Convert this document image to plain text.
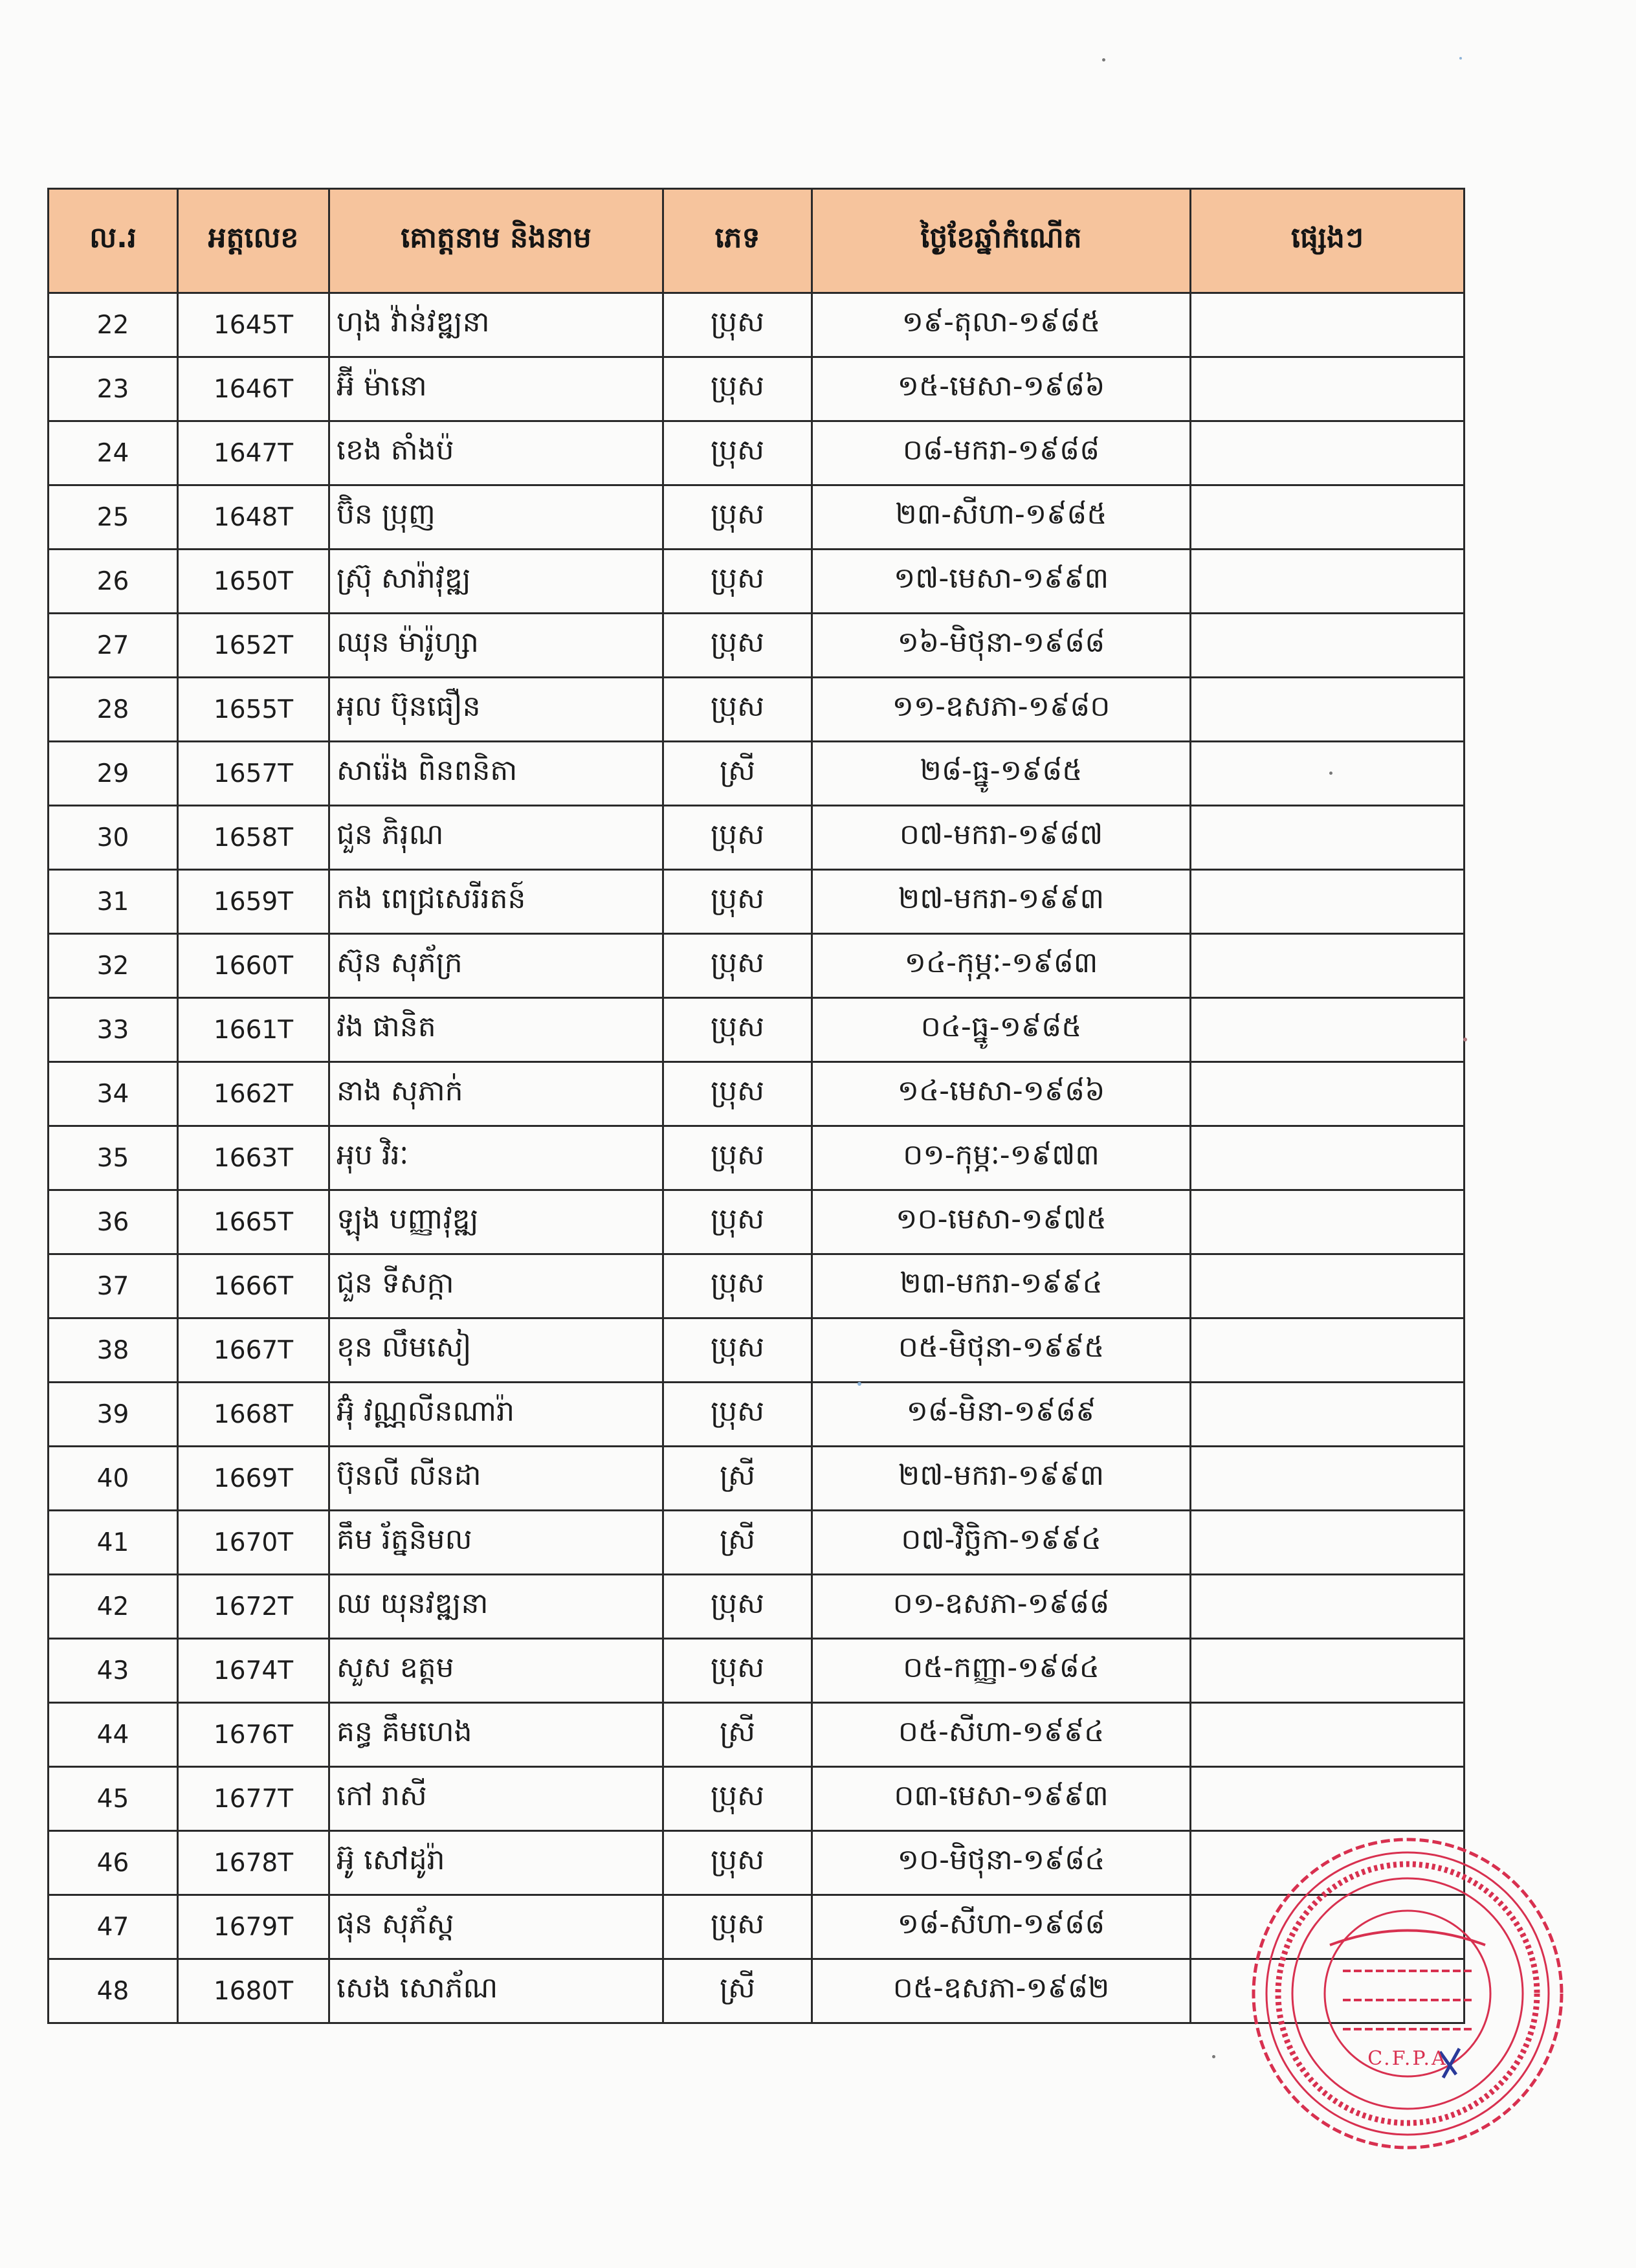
ល.រ	អត្តលេខ	គោត្តនាម និងនាម	ភេទ	ថ្ងៃខែឆ្នាំកំណើត	ផ្សេងៗ
22	1645T	ហុង វ៉ាន់វឌ្ឍនា	ប្រុស	១៩-តុលា-១៩៨៥	
23	1646T	អ៊ី ម៉ានោ	ប្រុស	១៥-មេសា-១៩៨៦	
24	1647T	ខេង តាំងប៉	ប្រុស	០៨-មករា-១៩៨៨	
25	1648T	ប៊ិន ប្រុញ	ប្រុស	២៣-សីហា-១៩៨៥	
26	1650T	ស្រ៊ុ សារ៉ាវុឌ្ឍ	ប្រុស	១៧-មេសា-១៩៩៣	
27	1652T	ឈុន ម៉ារ៉ូហ្សា	ប្រុស	១៦-មិថុនា-១៩៨៨	
28	1655T	អុល ប៊ុនធឿន	ប្រុស	១១-ឧសភា-១៩៨០	
29	1657T	សារ៉េង ពិនពនិតា	ស្រី	២៨-ធ្នូ-១៩៨៥	
30	1658T	ជួន ភិរុណ	ប្រុស	០៧-មករា-១៩៨៧	
31	1659T	កង ពេជ្រសេរីរតន៍	ប្រុស	២៧-មករា-១៩៩៣	
32	1660T	ស៊ុន សុភ័ក្រ	ប្រុស	១៤-កុម្ភៈ-១៩៨៣	
33	1661T	វង ផានិត	ប្រុស	០៤-ធ្នូ-១៩៨៥	
34	1662T	នាង សុភាក់	ប្រុស	១៤-មេសា-១៩៨៦	
35	1663T	អុប វិរៈ	ប្រុស	០១-កុម្ភៈ-១៩៧៣	
36	1665T	ឡុង បញ្ញាវុឌ្ឍ	ប្រុស	១០-មេសា-១៩៧៥	
37	1666T	ជួន ទីសក្កា	ប្រុស	២៣-មករា-១៩៩៤	
38	1667T	ខុន លឹមសៀ	ប្រុស	០៥-មិថុនា-១៩៩៥	
39	1668T	អ៊ុំ វណ្ណលីនណារ៉ា	ប្រុស	១៨-មិនា-១៩៨៩	
40	1669T	ប៊ុនលី លីនដា	ស្រី	២៧-មករា-១៩៩៣	
41	1670T	គឹម រ័ត្ននិមល	ស្រី	០៧-វិច្ឆិកា-១៩៩៤	
42	1672T	ឈ យុនវឌ្ឍនា	ប្រុស	០១-ឧសភា-១៩៨៨	
43	1674T	សួស ឧត្តម	ប្រុស	០៥-កញ្ញា-១៩៨៤	
44	1676T	គន្ធ គឹមហេង	ស្រី	០៥-សីហា-១៩៩៤	
45	1677T	កៅ រាសី	ប្រុស	០៣-មេសា-១៩៩៣	
46	1678T	អ៊ូ សៅដូរ៉ា	ប្រុស	១០-មិថុនា-១៩៨៤	
47	1679T	ផុន សុភ័ស្ត	ប្រុស	១៨-សីហា-១៩៨៨	
48	1680T	សេង សោភ័ណ	ស្រី	០៥-ឧសភា-១៩៨២	
C.F.P.A
